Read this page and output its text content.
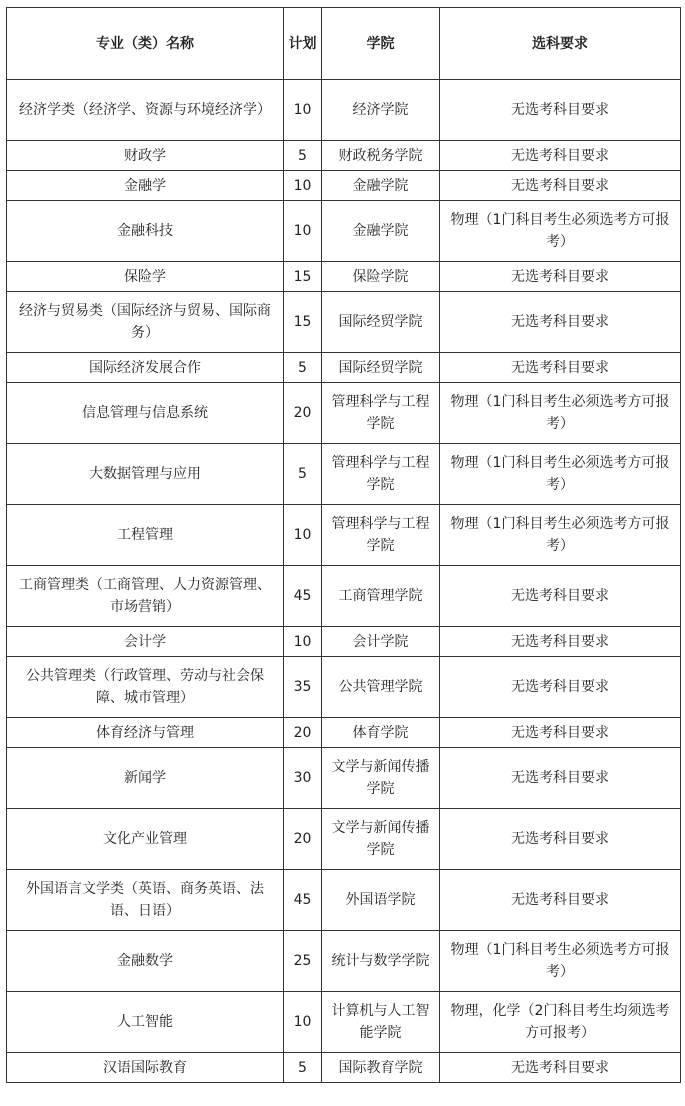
专业（类）名称	计划	学院	选科要求
经济学类（经济学、资源与环境经济学）	10	经济学院	无选考科目要求
财政学	5	财政税务学院	无选考科目要求
金融学	10	金融学院	无选考科目要求
金融科技	10	金融学院	物理（1门科目考生必须选考方可报考）
保险学	15	保险学院	无选考科目要求
经济与贸易类（国际经济与贸易、国际商务）	15	国际经贸学院	无选考科目要求
国际经济发展合作	5	国际经贸学院	无选考科目要求
信息管理与信息系统	20	管理科学与工程学院	物理（1门科目考生必须选考方可报考）
大数据管理与应用	5	管理科学与工程学院	物理（1门科目考生必须选考方可报考）
工程管理	10	管理科学与工程学院	物理（1门科目考生必须选考方可报考）
工商管理类（工商管理、人力资源管理、市场营销）	45	工商管理学院	无选考科目要求
会计学	10	会计学院	无选考科目要求
公共管理类（行政管理、劳动与社会保障、城市管理）	35	公共管理学院	无选考科目要求
体育经济与管理	20	体育学院	无选考科目要求
新闻学	30	文学与新闻传播学院	无选考科目要求
文化产业管理	20	文学与新闻传播学院	无选考科目要求
外国语言文学类（英语、商务英语、法语、日语）	45	外国语学院	无选考科目要求
金融数学	25	统计与数学学院	物理（1门科目考生必须选考方可报考）
人工智能	10	计算机与人工智能学院	物理，化学（2门科目考生均须选考方可报考）
汉语国际教育	5	国际教育学院	无选考科目要求
